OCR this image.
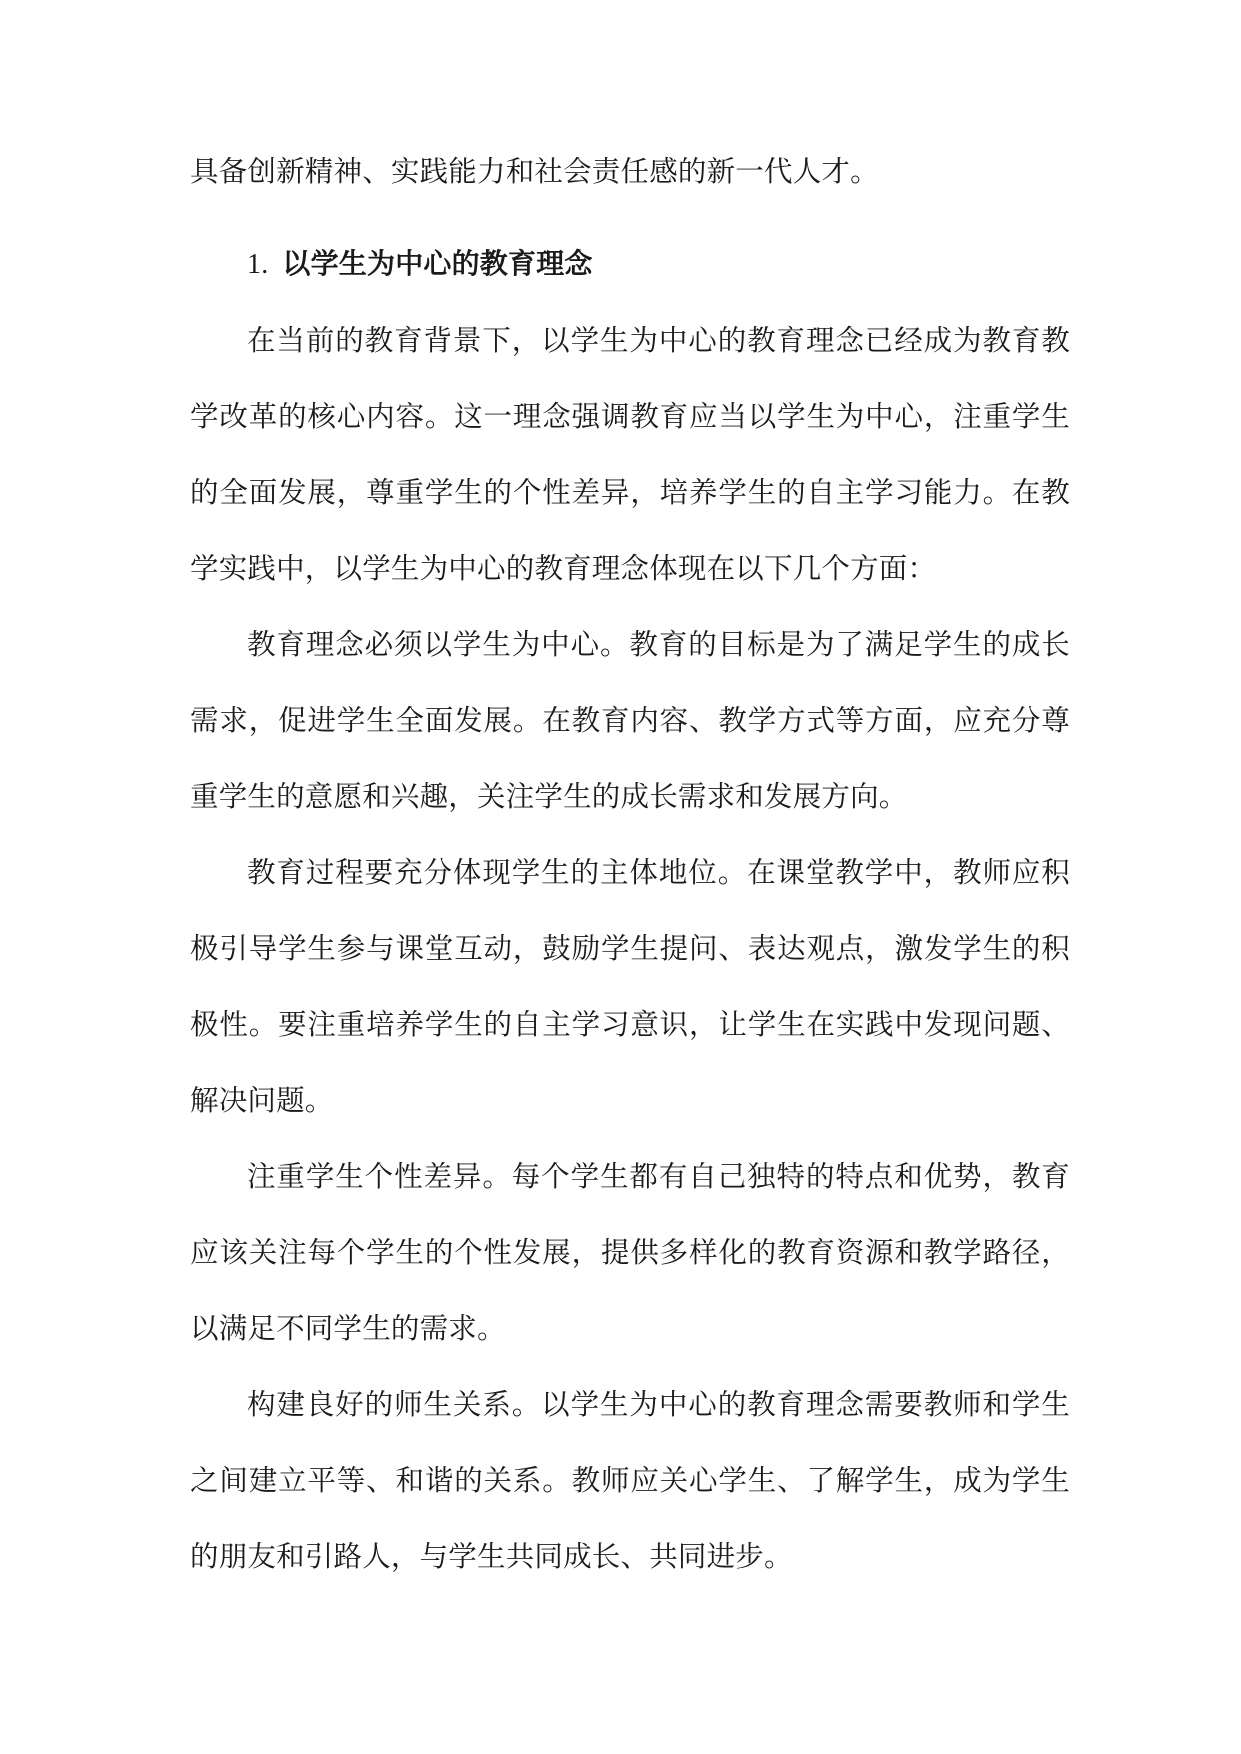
具备创新精神、实践能力和社会责任感的新一代人才。

1. 以学生为中心的教育理念

在当前的教育背景下，以学生为中心的教育理念已经成为教育教学改革的核心内容。这一理念强调教育应当以学生为中心，注重学生的全面发展，尊重学生的个性差异，培养学生的自主学习能力。在教学实践中，以学生为中心的教育理念体现在以下几个方面：

教育理念必须以学生为中心。教育的目标是为了满足学生的成长需求，促进学生全面发展。在教育内容、教学方式等方面，应充分尊重学生的意愿和兴趣，关注学生的成长需求和发展方向。

教育过程要充分体现学生的主体地位。在课堂教学中，教师应积极引导学生参与课堂互动，鼓励学生提问、表达观点，激发学生的积极性。要注重培养学生的自主学习意识，让学生在实践中发现问题、解决问题。

注重学生个性差异。每个学生都有自己独特的特点和优势，教育应该关注每个学生的个性发展，提供多样化的教育资源和教学路径，以满足不同学生的需求。

构建良好的师生关系。以学生为中心的教育理念需要教师和学生之间建立平等、和谐的关系。教师应关心学生、了解学生，成为学生的朋友和引路人，与学生共同成长、共同进步。
